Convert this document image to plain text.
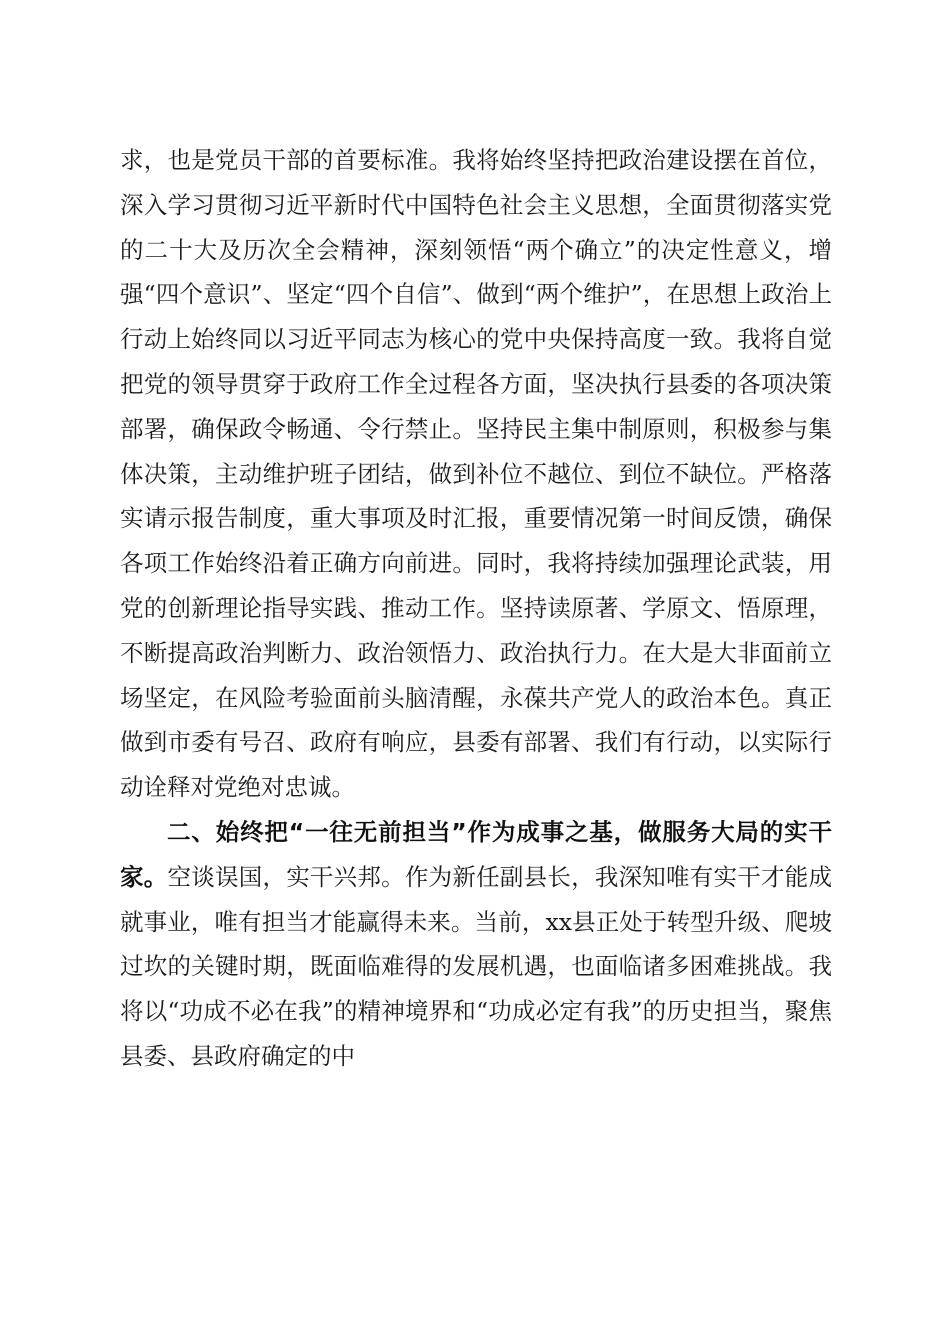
求，也是党员干部的首要标准。我将始终坚持把政治建设摆在首位，深入学习贯彻习近平新时代中国特色社会主义思想，全面贯彻落实党的二十大及历次全会精神，深刻领悟“两个确立”的决定性意义，增强“四个意识”、坚定“四个自信”、做到“两个维护”，在思想上政治上行动上始终同以习近平同志为核心的党中央保持高度一致。我将自觉把党的领导贯穿于政府工作全过程各方面，坚决执行县委的各项决策部署，确保政令畅通、令行禁止。坚持民主集中制原则，积极参与集体决策，主动维护班子团结，做到补位不越位、到位不缺位。严格落实请示报告制度，重大事项及时汇报，重要情况第一时间反馈，确保各项工作始终沿着正确方向前进。同时，我将持续加强理论武装，用党的创新理论指导实践、推动工作。坚持读原著、学原文、悟原理，不断提高政治判断力、政治领悟力、政治执行力。在大是大非面前立场坚定，在风险考验面前头脑清醒，永葆共产党人的政治本色。真正做到市委有号召、政府有响应，县委有部署、我们有行动，以实际行动诠释对党绝对忠诚。

二、始终把“一往无前担当”作为成事之基，做服务大局的实干家。空谈误国，实干兴邦。作为新任副县长，我深知唯有实干才能成就事业，唯有担当才能赢得未来。当前，xx县正处于转型升级、爬坡过坎的关键时期，既面临难得的发展机遇，也面临诸多困难挑战。我将以“功成不必在我”的精神境界和“功成必定有我”的历史担当，聚焦县委、县政府确定的中
